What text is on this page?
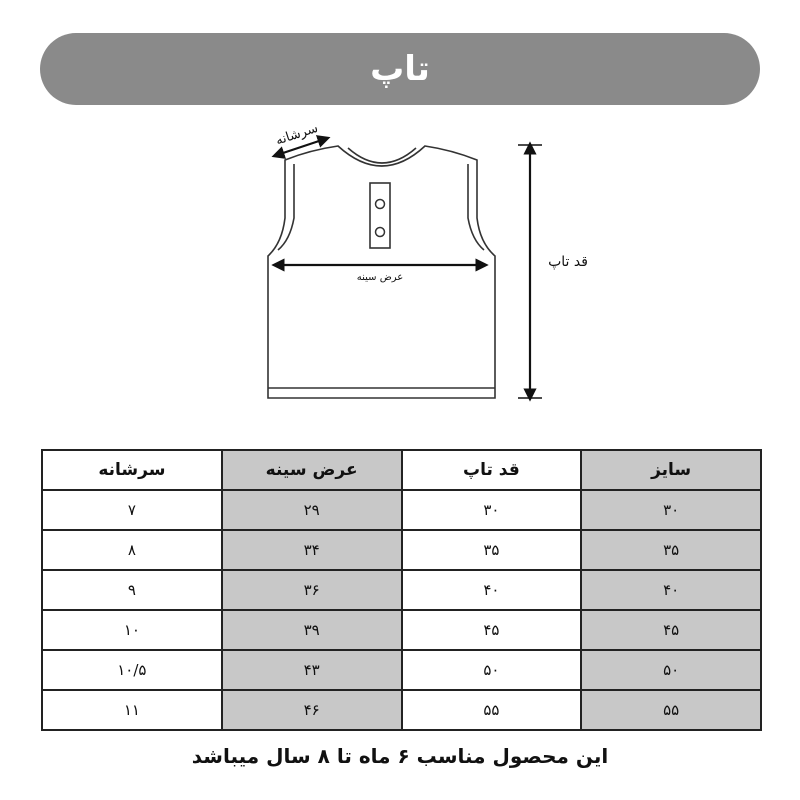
تاپ
سرشانه
عرض سینه
قد تاپ
سایز	قد تاپ	عرض سینه	سرشانه
۳۰	۳۰	۲۹	۷
۳۵	۳۵	۳۴	۸
۴۰	۴۰	۳۶	۹
۴۵	۴۵	۳۹	۱۰
۵۰	۵۰	۴۳	۱۰/۵
۵۵	۵۵	۴۶	۱۱
این محصول مناسب ۶ ماه تا ۸ سال میباشد
